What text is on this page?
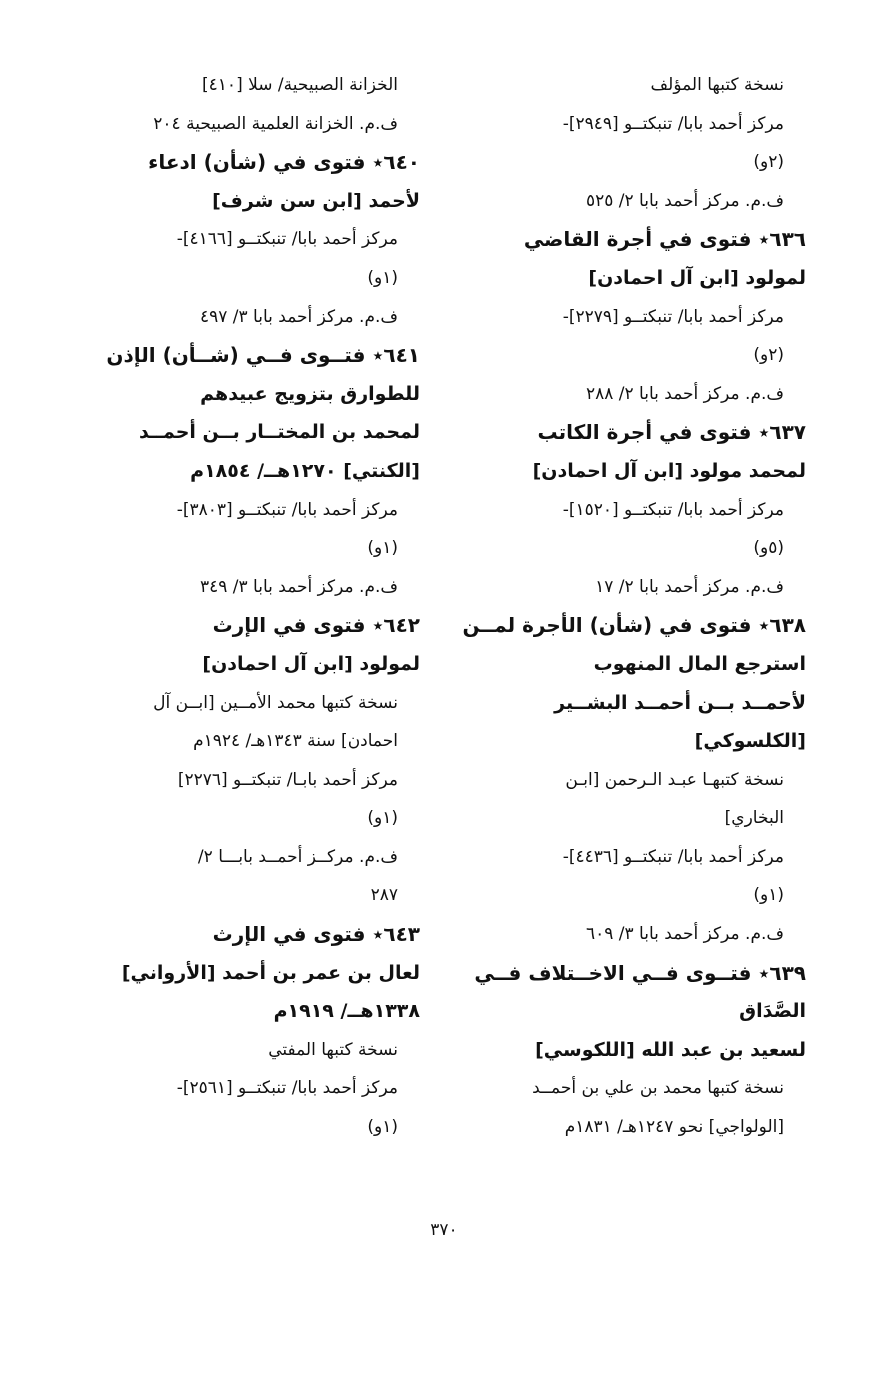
نسخة كتبها المؤلف
مركز أحمد بابا/ تنبكتــو [٢٩٤٩]-
(٢و)
ف.م. مركز أحمد بابا ٢/ ٥٢٥
٦٣٦٭ فتوى في أجرة القاضي
لمولود [ابن آل احمادن]
مركز أحمد بابا/ تنبكتــو [٢٢٧٩]-
(٢و)
ف.م. مركز أحمد بابا ٢/ ٢٨٨
٦٣٧٭ فتوى في أجرة الكاتب
لمحمد مولود [ابن آل احمادن]
مركز أحمد بابا/ تنبكتــو [١٥٢٠]-
(٥و)
ف.م. مركز أحمد بابا ٢/ ١٧
٦٣٨٭ فتوى في (شأن) الأجرة لمــن
استرجع المال المنهوب
لأحمــد بــن أحمــد البشــير
[الكلسوكي]
نسخة كتبهـا عبـد الـرحمن [ابـن
البخاري]
مركز أحمد بابا/ تنبكتــو [٤٤٣٦]-
(١و)
ف.م. مركز أحمد بابا ٣/ ٦٠٩
٦٣٩٭ فتــوى فــي الاخــتلاف فــي
الصَّدَاق
لسعيد بن عبد الله [اللكوسي]
نسخة كتبها محمد بن علي بن أحمــد
[الولواجي] نحو ١٢٤٧هـ/ ١٨٣١م
الخزانة الصبيحية/ سلا [٤١٠]
ف.م. الخزانة العلمية الصبيحية ٢٠٤
٦٤٠٭ فتوى في (شأن) ادعاء
لأحمد [ابن سن شرف]
مركز أحمد بابا/ تنبكتــو [٤١٦٦]-
(١و)
ف.م. مركز أحمد بابا ٣/ ٤٩٧
٦٤١٭ فتــوى فــي (شــأن) الإذن
للطوارق بتزويج عبيدهم
لمحمد بن المختــار بــن أحمــد
[الكنتي] ١٢٧٠هــ/ ١٨٥٤م
مركز أحمد بابا/ تنبكتــو [٣٨٠٣]-
(١و)
ف.م. مركز أحمد بابا ٣/ ٣٤٩
٦٤٢٭ فتوى في الإرث
لمولود [ابن آل احمادن]
نسخة كتبها محمد الأمــين [ابــن آل
احمادن] سنة ١٣٤٣هـ/ ١٩٢٤م
مركز أحمد بابـا/ تنبكتــو [٢٢٧٦]
(١و)
ف.م. مركــز أحمــد بابـــا ٢/
٢٨٧
٦٤٣٭ فتوى في الإرث
لعال بن عمر بن أحمد [الأرواني]
١٣٣٨هــ/ ١٩١٩م
نسخة كتبها المفتي
مركز أحمد بابا/ تنبكتــو [٢٥٦١]-
(١و)
٣٧٠
